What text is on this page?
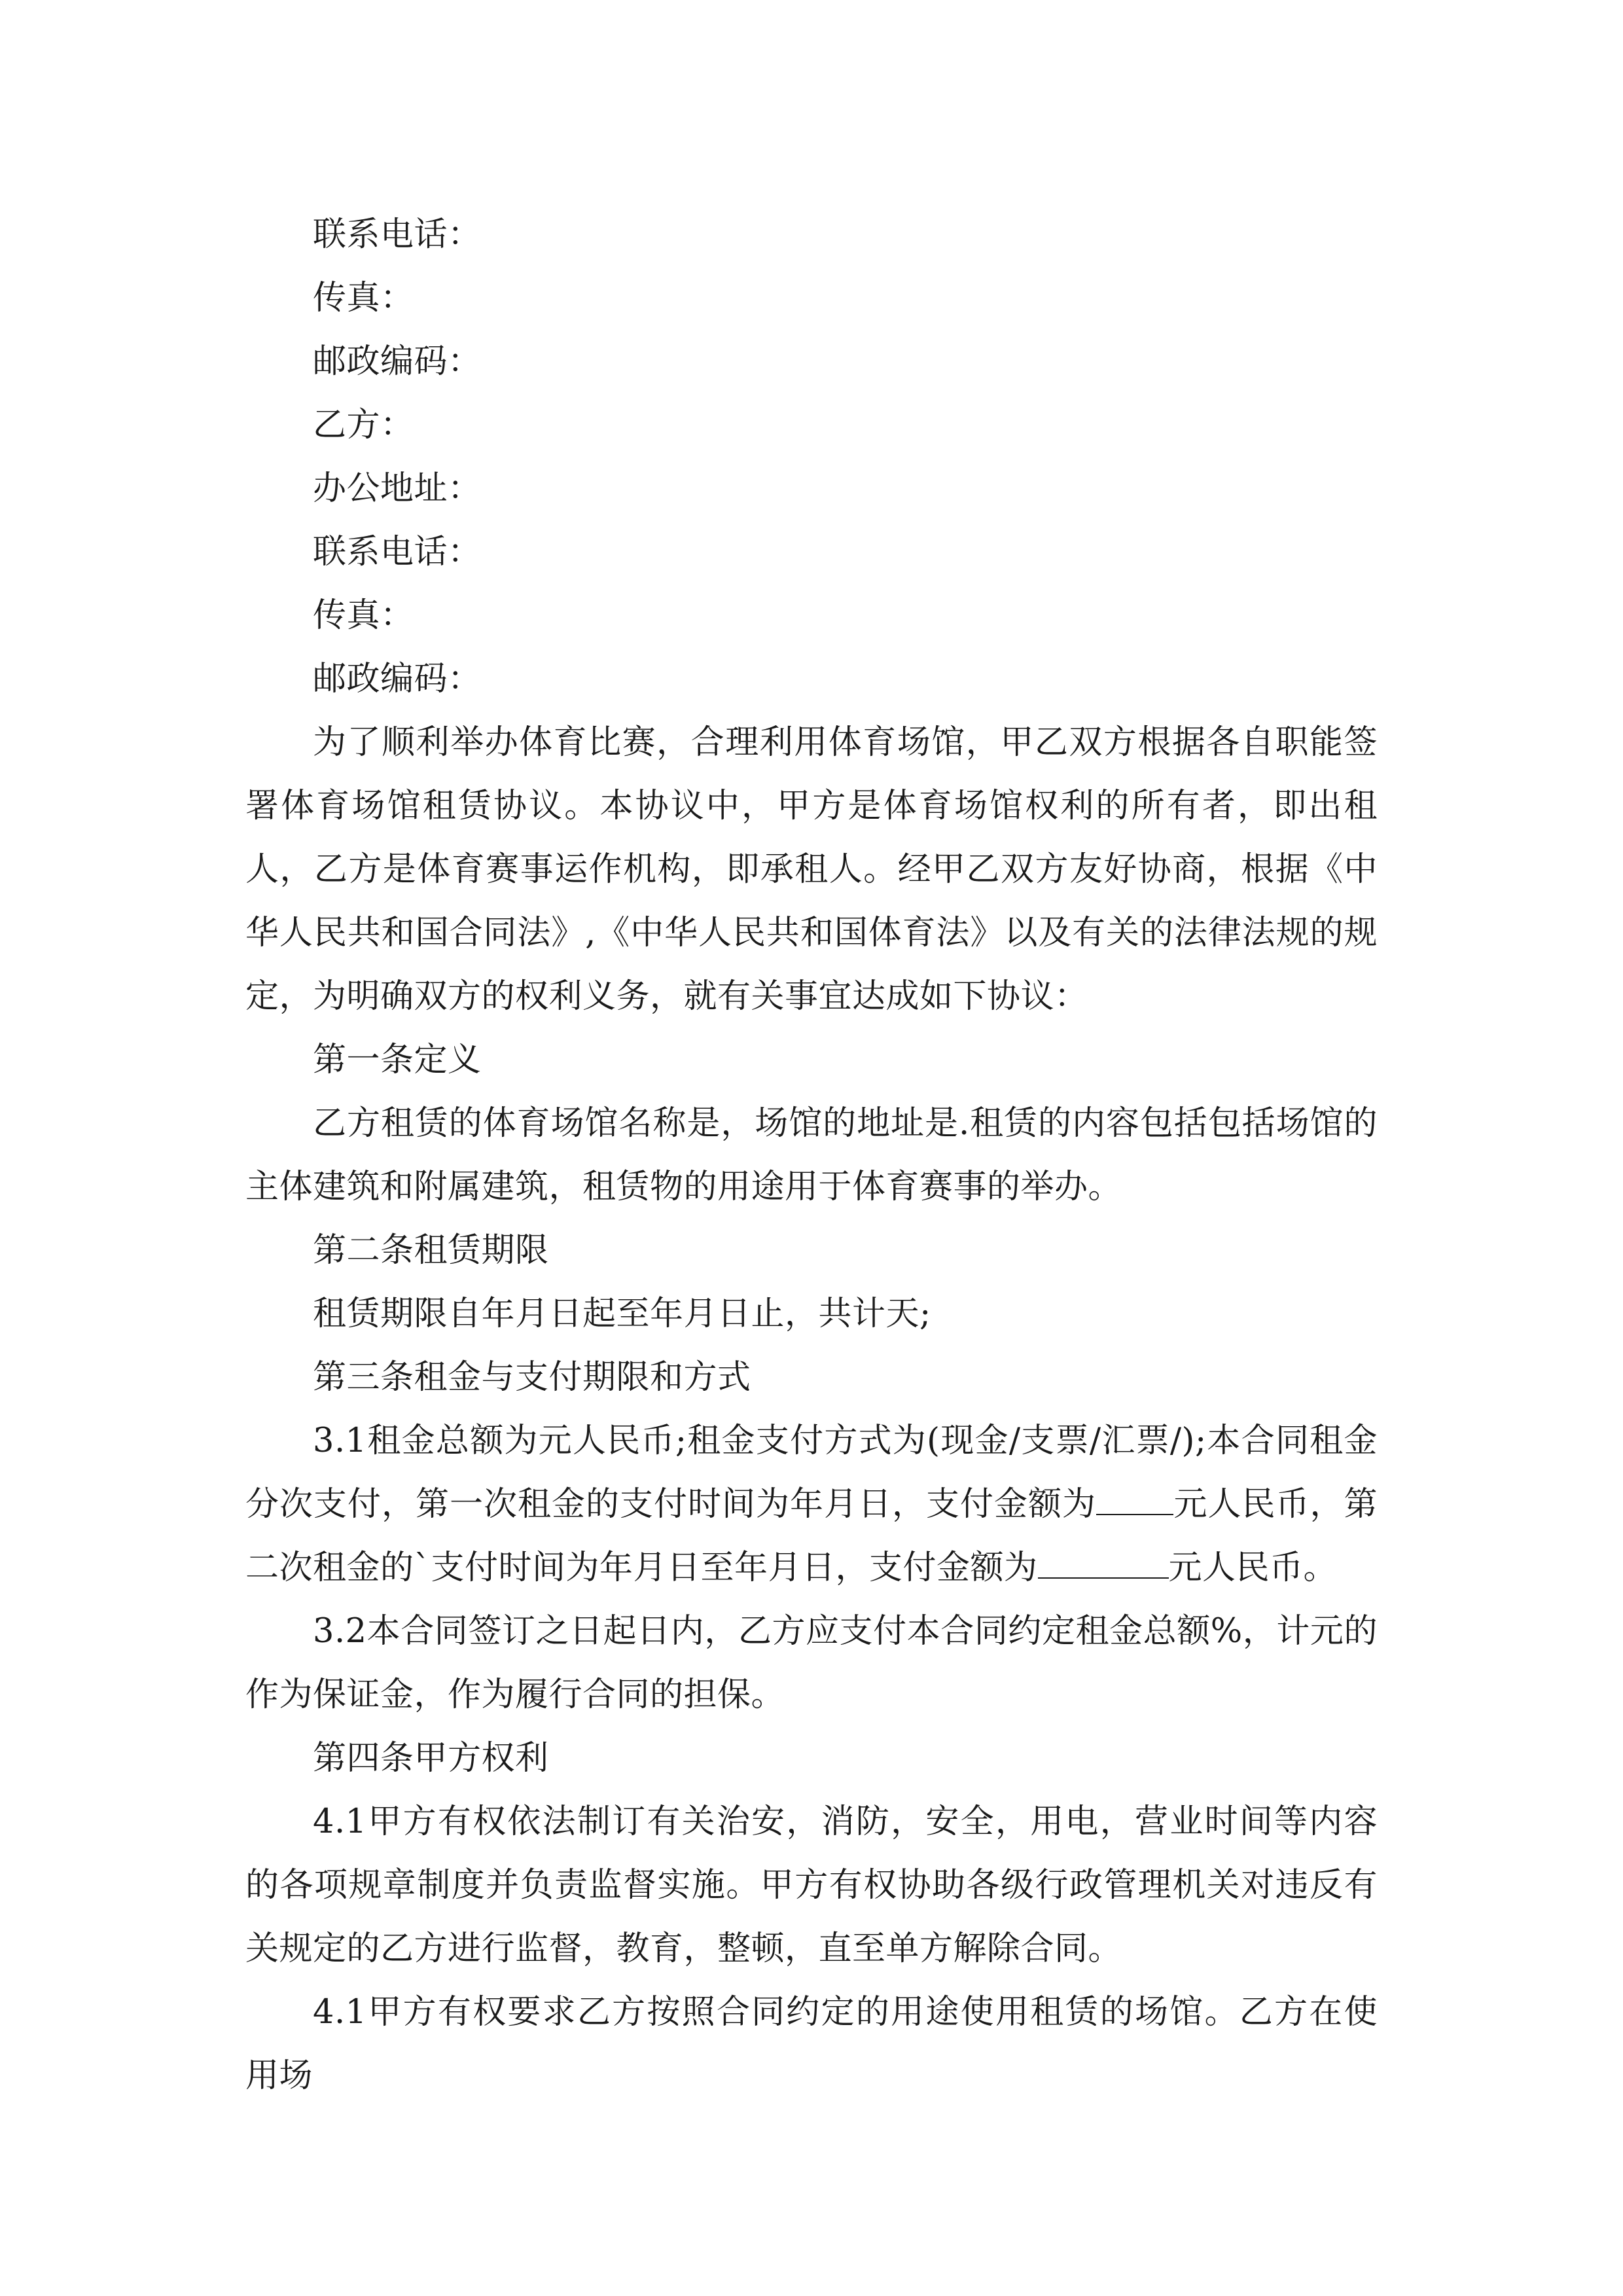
联系电话：

传真：

邮政编码：

乙方：

办公地址：

联系电话：

传真：

邮政编码：

为了顺利举办体育比赛，合理利用体育场馆，甲乙双方根据各自职能签署体育场馆租赁协议。本协议中，甲方是体育场馆权利的所有者，即出租人，乙方是体育赛事运作机构，即承租人。经甲乙双方友好协商，根据《中华人民共和国合同法》,《中华人民共和国体育法》以及有关的法律法规的规定，为明确双方的权利义务，就有关事宜达成如下协议：

第一条定义

乙方租赁的体育场馆名称是，场馆的地址是.租赁的内容包括包括场馆的主体建筑和附属建筑，租赁物的用途用于体育赛事的举办。

第二条租赁期限

租赁期限自年月日起至年月日止，共计天;

第三条租金与支付期限和方式

3.1租金总额为元人民币;租金支付方式为(现金/支票/汇票/);本合同租金分次支付，第一次租金的支付时间为年月日，支付金额为 元人民币，第二次租金的`支付时间为年月日至年月日，支付金额为	元人民币。

3.2本合同签订之日起日内，乙方应支付本合同约定租金总额%，计元的作为保证金，作为履行合同的担保。

第四条甲方权利

4.1甲方有权依法制订有关治安，消防，安全，用电，营业时间等内容的各项规章制度并负责监督实施。甲方有权协助各级行政管理机关对违反有关规定的乙方进行监督，教育，整顿，直至单方解除合同。

4.1甲方有权要求乙方按照合同约定的用途使用租赁的场馆。乙方在使用场
